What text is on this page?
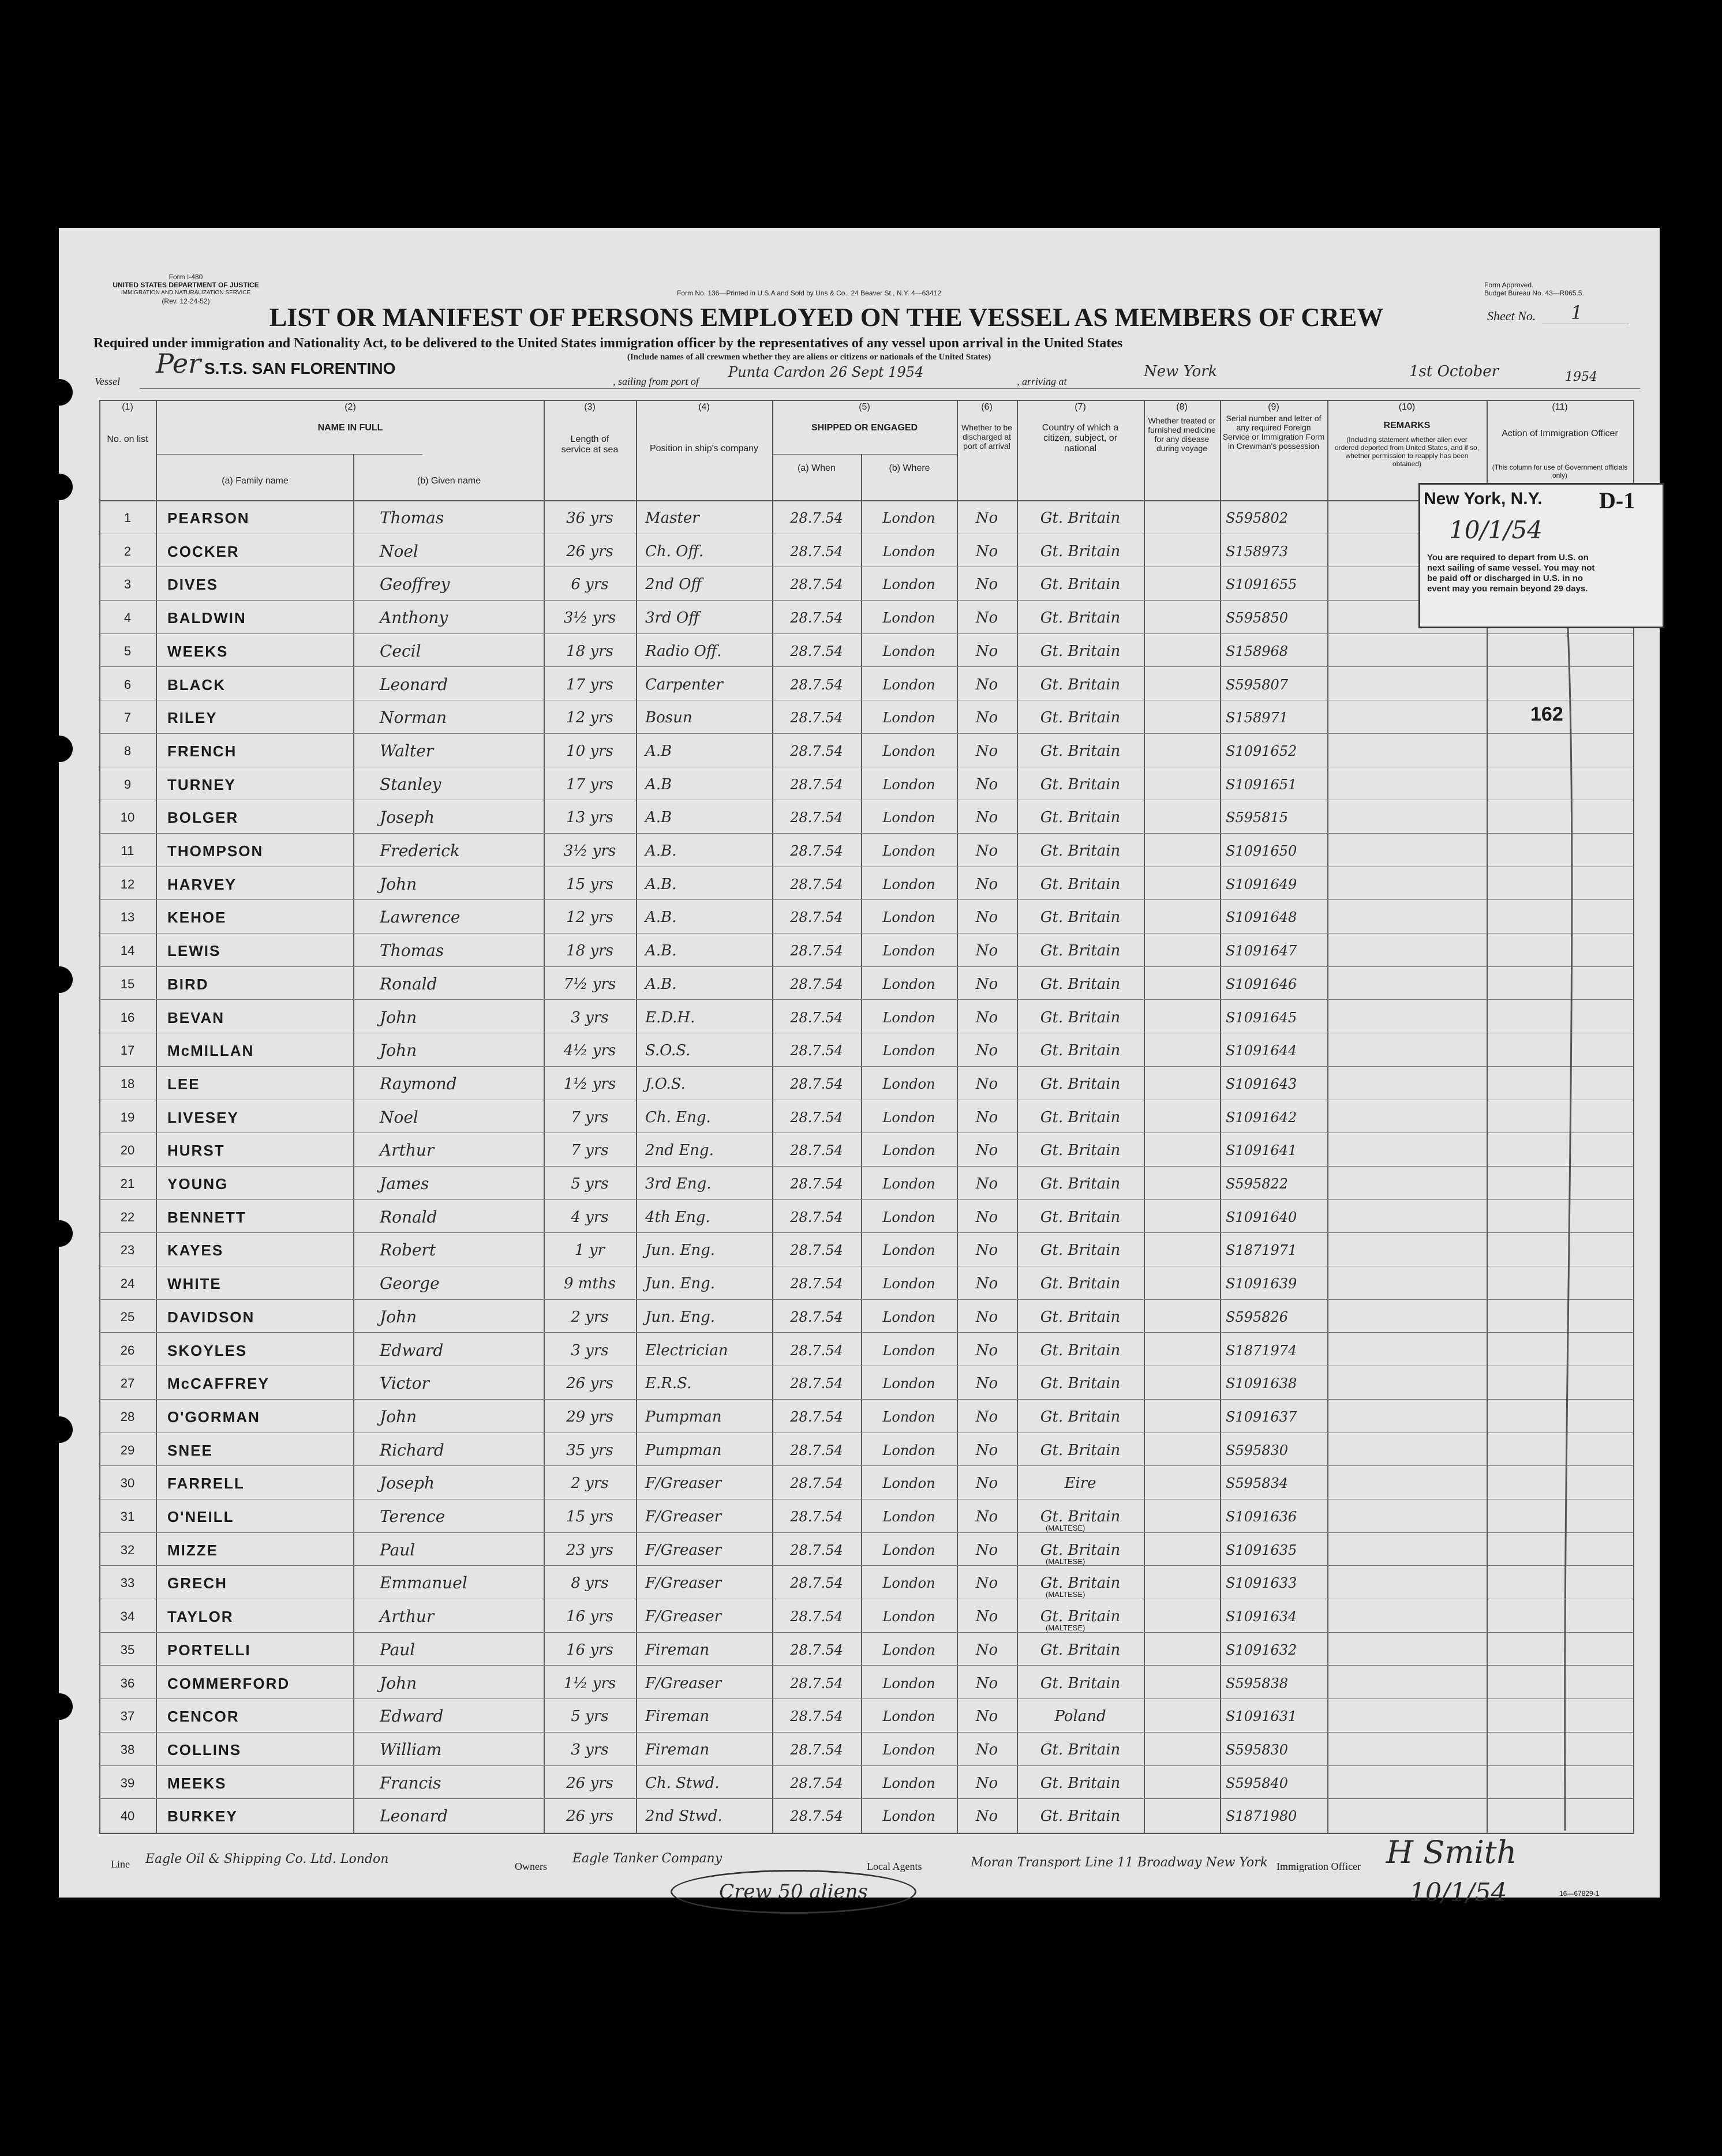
Form I-480
UNITED STATES DEPARTMENT OF JUSTICE
IMMIGRATION AND NATURALIZATION SERVICE
(Rev. 12-24-52)
Form No. 136—Printed in U.S.A and Sold by Uns & Co., 24 Beaver St., N.Y. 4—63412
Form Approved.
Budget Bureau No. 43—R065.5.
LIST OR MANIFEST OF PERSONS EMPLOYED ON THE VESSEL AS MEMBERS OF CREW	Sheet No. 1
Required under immigration and Nationality Act, to be delivered to the United States immigration officer by the representatives of any vessel upon arrival in the United States
(Include names of all crewmen whether they are aliens or citizens or nationals of the United States)
Vessel
Per S.T.S. SAN FLORENTINO
, sailing from port of
Punta Cardon 26 Sept 1954
, arriving at
New York	1st October	1954
(1)
No. on list
(2)
NAME IN FULL
(a) Family name	(b) Given name
(3)
Length of service at sea
(4)
Position in ship's company
(5)
SHIPPED OR ENGAGED
(a) When	(b) Where
(6)
Whether to be discharged at port of arrival
(7)
Country of which a citizen, subject, or national
(8)
Whether treated or furnished medicine for any disease during voyage
(9)
Serial number and letter of any required Foreign Service or Immigration Form in Crewman's possession
(10)
REMARKS
(Including statement whether alien ever ordered deported from United States, and if so, whether permission to reapply has been obtained)
(11)
Action of Immigration Officer
(This column for use of Government officials only)
1	PEARSON	Thomas	36 yrs	Master	28.7.54	London	No	Gt. Britain	S595802
2	COCKER	Noel	26 yrs	Ch. Off.	28.7.54	London	No	Gt. Britain	S158973
3	DIVES	Geoffrey	6 yrs	2nd Off	28.7.54	London	No	Gt. Britain	S1091655
4	BALDWIN	Anthony	3½ yrs	3rd Off	28.7.54	London	No	Gt. Britain	S595850
5	WEEKS	Cecil	18 yrs	Radio Off.	28.7.54	London	No	Gt. Britain	S158968
6	BLACK	Leonard	17 yrs	Carpenter	28.7.54	London	No	Gt. Britain	S595807
7	RILEY	Norman	12 yrs	Bosun	28.7.54	London	No	Gt. Britain	S158971
8	FRENCH	Walter	10 yrs	A.B	28.7.54	London	No	Gt. Britain	S1091652
9	TURNEY	Stanley	17 yrs	A.B	28.7.54	London	No	Gt. Britain	S1091651
10	BOLGER	Joseph	13 yrs	A.B	28.7.54	London	No	Gt. Britain	S595815
11	THOMPSON	Frederick	3½ yrs	A.B.	28.7.54	London	No	Gt. Britain	S1091650
12	HARVEY	John	15 yrs	A.B.	28.7.54	London	No	Gt. Britain	S1091649
13	KEHOE	Lawrence	12 yrs	A.B.	28.7.54	London	No	Gt. Britain	S1091648
14	LEWIS	Thomas	18 yrs	A.B.	28.7.54	London	No	Gt. Britain	S1091647
15	BIRD	Ronald	7½ yrs	A.B.	28.7.54	London	No	Gt. Britain	S1091646
16	BEVAN	John	3 yrs	E.D.H.	28.7.54	London	No	Gt. Britain	S1091645
17	McMILLAN	John	4½ yrs	S.O.S.	28.7.54	London	No	Gt. Britain	S1091644
18	LEE	Raymond	1½ yrs	J.O.S.	28.7.54	London	No	Gt. Britain	S1091643
19	LIVESEY	Noel	7 yrs	Ch. Eng.	28.7.54	London	No	Gt. Britain	S1091642
20	HURST	Arthur	7 yrs	2nd Eng.	28.7.54	London	No	Gt. Britain	S1091641
21	YOUNG	James	5 yrs	3rd Eng.	28.7.54	London	No	Gt. Britain	S595822
22	BENNETT	Ronald	4 yrs	4th Eng.	28.7.54	London	No	Gt. Britain	S1091640
23	KAYES	Robert	1 yr	Jun. Eng.	28.7.54	London	No	Gt. Britain	S1871971
24	WHITE	George	9 mths	Jun. Eng.	28.7.54	London	No	Gt. Britain	S1091639
25	DAVIDSON	John	2 yrs	Jun. Eng.	28.7.54	London	No	Gt. Britain	S595826
26	SKOYLES	Edward	3 yrs	Electrician	28.7.54	London	No	Gt. Britain	S1871974
27	McCAFFREY	Victor	26 yrs	E.R.S.	28.7.54	London	No	Gt. Britain	S1091638
28	O'GORMAN	John	29 yrs	Pumpman	28.7.54	London	No	Gt. Britain	S1091637
29	SNEE	Richard	35 yrs	Pumpman	28.7.54	London	No	Gt. Britain	S595830
30	FARRELL	Joseph	2 yrs	F/Greaser	28.7.54	London	No	Eire	S595834
31	O'NEILL	Terence	15 yrs	F/Greaser	28.7.54	London	No	Gt. Britain	S1091636
(MALTESE)
32	MIZZE	Paul	23 yrs	F/Greaser	28.7.54	London	No	Gt. Britain	S1091635
(MALTESE)
33	GRECH	Emmanuel	8 yrs	F/Greaser	28.7.54	London	No	Gt. Britain	S1091633
(MALTESE)
34	TAYLOR	Arthur	16 yrs	F/Greaser	28.7.54	London	No	Gt. Britain	S1091634
(MALTESE)
35	PORTELLI	Paul	16 yrs	Fireman	28.7.54	London	No	Gt. Britain	S1091632
36	COMMERFORD	John	1½ yrs	F/Greaser	28.7.54	London	No	Gt. Britain	S595838
37	CENCOR	Edward	5 yrs	Fireman	28.7.54	London	No	Poland	S1091631
38	COLLINS	William	3 yrs	Fireman	28.7.54	London	No	Gt. Britain	S595830
39	MEEKS	Francis	26 yrs	Ch. Stwd.	28.7.54	London	No	Gt. Britain	S595840
40	BURKEY	Leonard	26 yrs	2nd Stwd.	28.7.54	London	No	Gt. Britain	S1871980
162
New York, N.Y. D-1
10/1/54
You are required to depart from U.S. on next sailing of same vessel. You may not be paid off or discharged in U.S. in no event may you remain beyond 29 days.
Line Eagle Oil & Shipping Co. Ltd. London	Owners
Eagle Tanker Company
Local Agents	Moran Transport Line 11 Broadway New York Immigration Officer H Smith
10/1/54	16—67829-1
Crew 50 aliens
